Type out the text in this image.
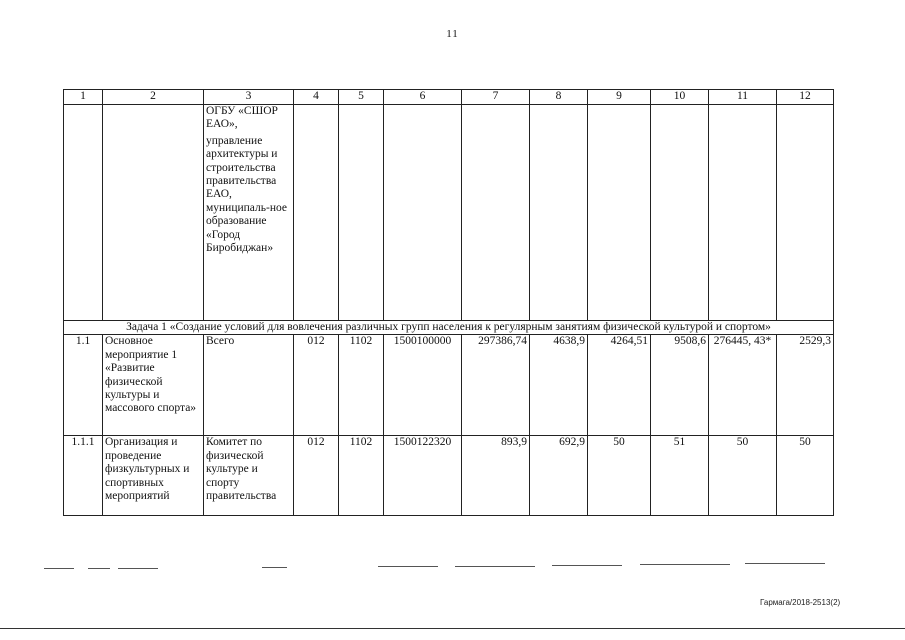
11
1	2	3	4	5	6	7	8	9	10	11	12

		ОГБУ «СШОР ЕАО»,
управление архитектуры и строительства правительства ЕАО, муниципаль-ное образование «Город Биробиджан»									

Задача 1 «Создание условий для вовлечения различных групп населения к регулярным занятиям физической культурой и спортом»											
1.1	Основное мероприятие 1 «Развитие физической культуры и массового спорта»	Всего	012	1102	1500100000	297386,74	4638,9	4264,51	9508,6	276445, 43*	2529,3
1.1.1	Организация и проведение физкультурных и спортивных мероприятий	Комитет по физической культуре и спорту правительства	012	1102	1500122320	893,9	692,9	50	51	50	50
Гармага/2018-2513(2)
